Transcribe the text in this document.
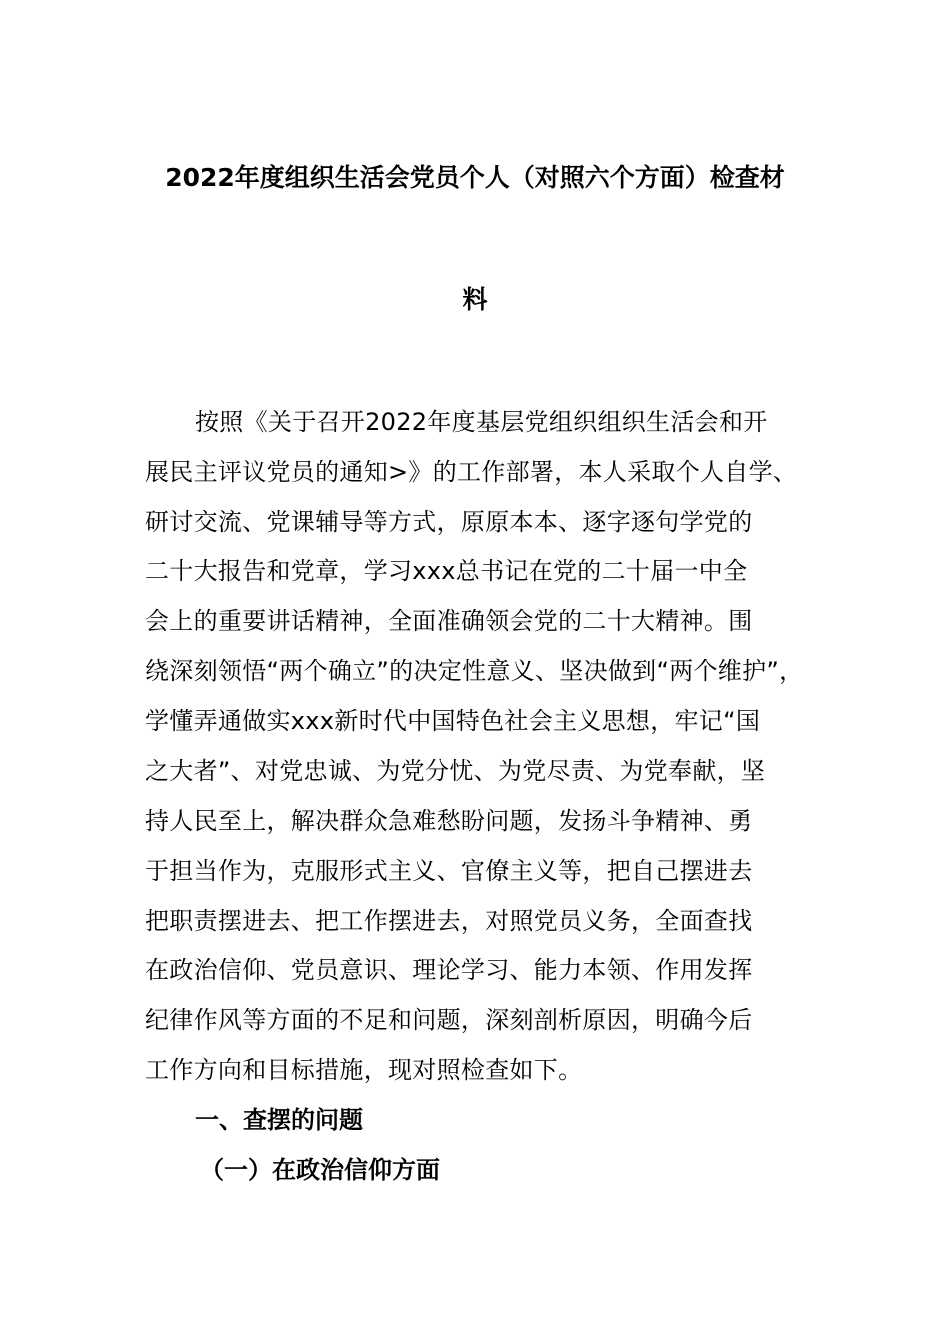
2022年度组织生活会党员个人（对照六个方面）检查材
料
按照《关于召开2022年度基层党组织组织生活会和开
展民主评议党员的通知>》的工作部署，本人采取个人自学、
研讨交流、党课辅导等方式，原原本本、逐字逐句学党的
二十大报告和党章，学习xxx总书记在党的二十届一中全
会上的重要讲话精神，全面准确领会党的二十大精神。围
绕深刻领悟“两个确立”的决定性意义、坚决做到“两个维护”，
学懂弄通做实xxx新时代中国特色社会主义思想，牢记“国
之大者”、对党忠诚、为党分忧、为党尽责、为党奉献，坚
持人民至上，解决群众急难愁盼问题，发扬斗争精神、勇
于担当作为，克服形式主义、官僚主义等，把自己摆进去
把职责摆进去、把工作摆进去，对照党员义务，全面查找
在政治信仰、党员意识、理论学习、能力本领、作用发挥
纪律作风等方面的不足和问题，深刻剖析原因，明确今后
工作方向和目标措施，现对照检查如下。
一、查摆的问题
（一）在政治信仰方面
